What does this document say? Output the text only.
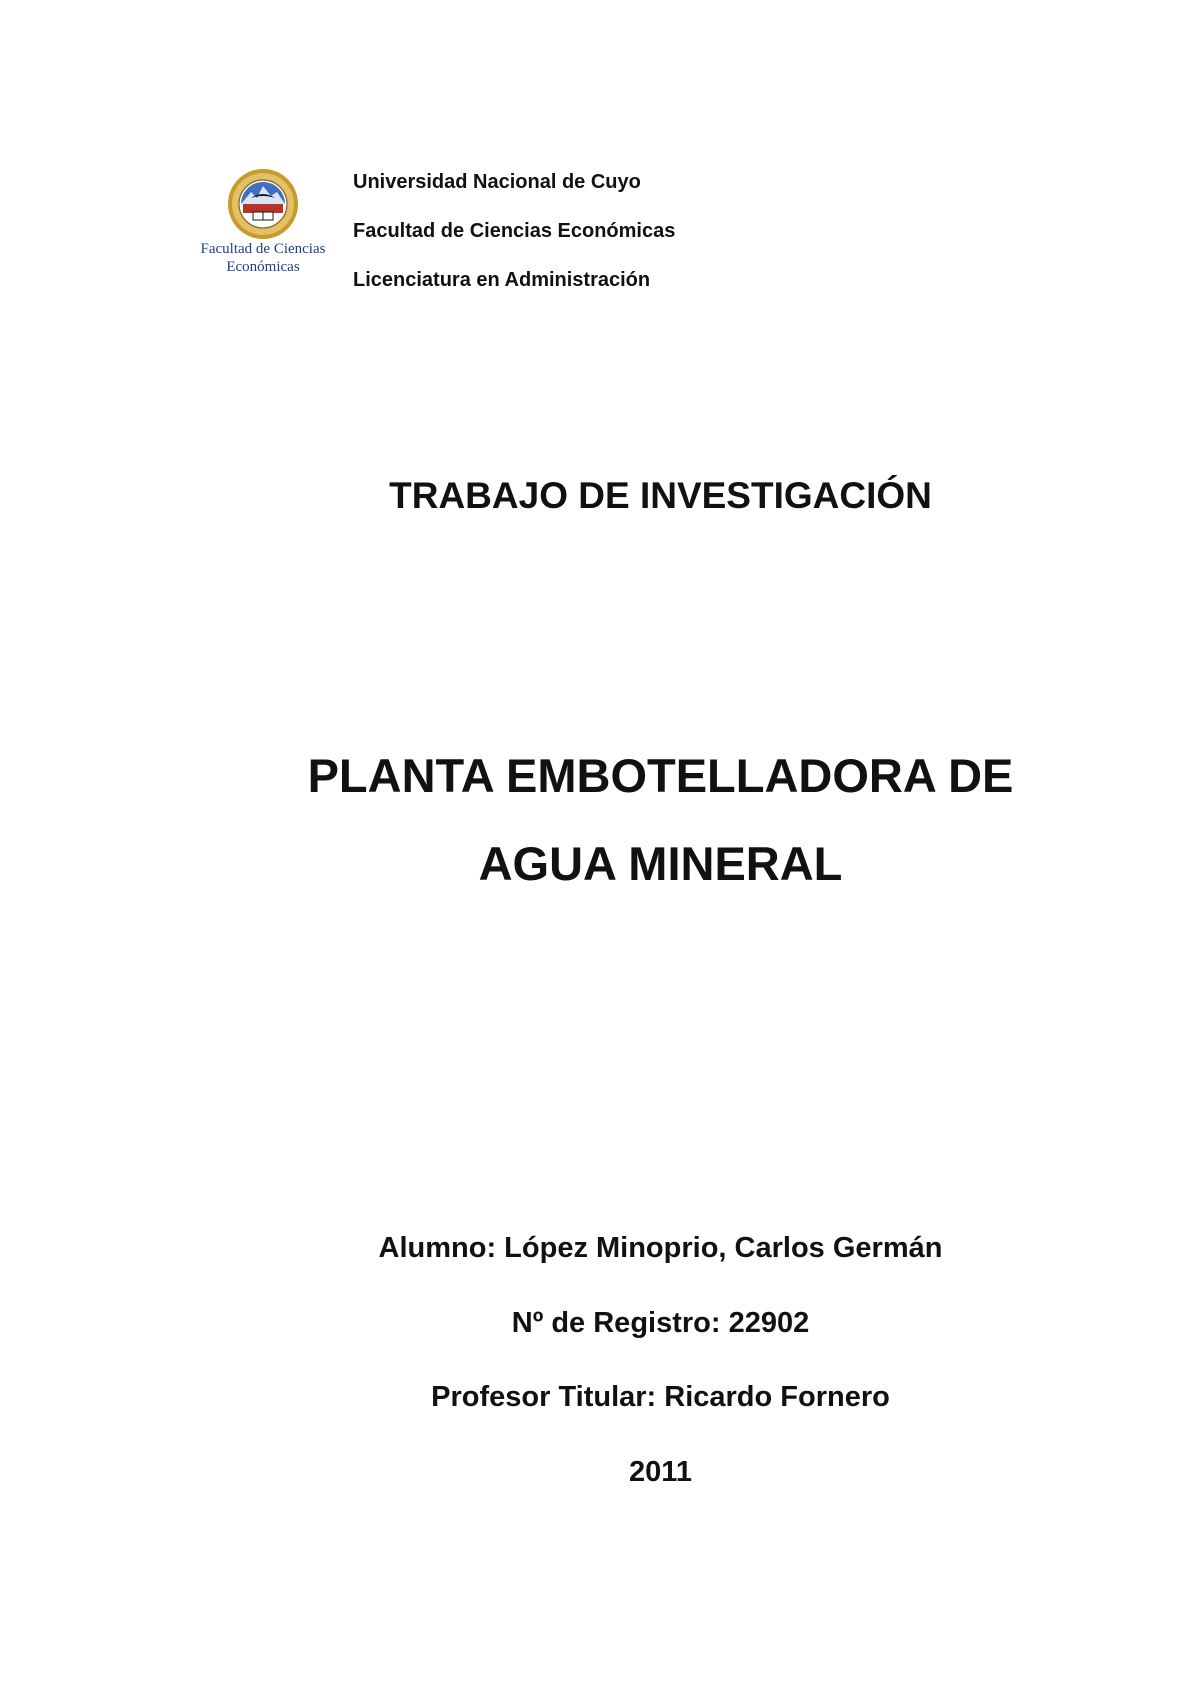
Facultad de Ciencias
Económicas
Universidad Nacional de Cuyo
Facultad de Ciencias Económicas
Licenciatura en Administración
TRABAJO DE INVESTIGACIÓN
PLANTA EMBOTELLADORA DE
AGUA MINERAL
Alumno: López Minoprio, Carlos Germán
Nº de Registro: 22902
Profesor Titular: Ricardo Fornero
2011
